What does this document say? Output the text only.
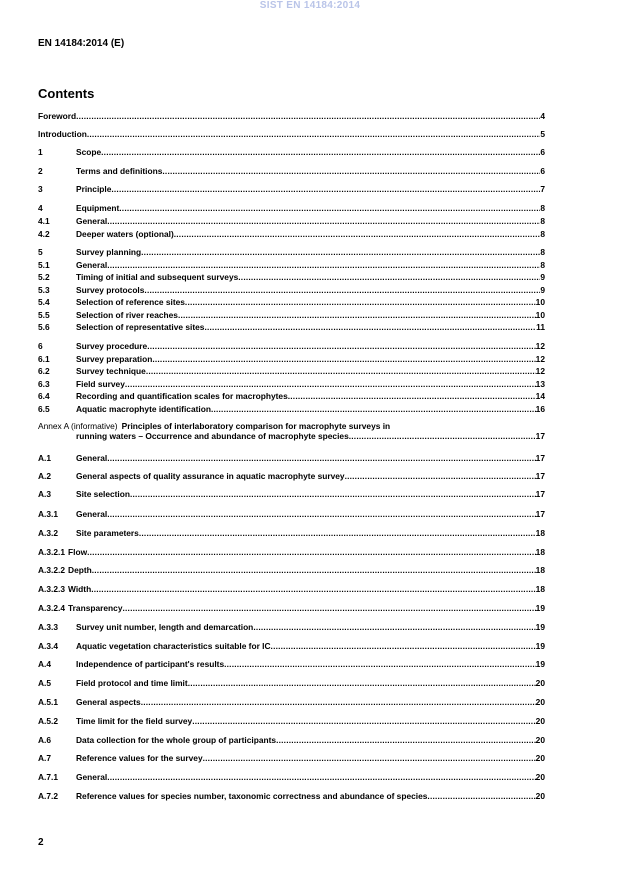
SIST EN 14184:2014
EN 14184:2014 (E)
Contents
Foreword .....	4
Introduction .....	5
1	Scope .....	6
2	Terms and definitions .....	6
3	Principle .....	7
4	Equipment .....	8
4.1	General .....	8
4.2	Deeper waters (optional) .....	8
5	Survey planning .....	8
5.1	General .....	8
5.2	Timing of initial and subsequent surveys .....	9
5.3	Survey protocols .....	9
5.4	Selection of reference sites .....	10
5.5	Selection of river reaches .....	10
5.6	Selection of representative sites .....	11
6	Survey procedure .....	12
6.1	Survey preparation .....	12
6.2	Survey technique .....	12
6.3	Field survey .....	13
6.4	Recording and quantification scales for macrophytes .....	14
6.5	Aquatic macrophyte identification .....	16
Annex A (informative) Principles of interlaboratory comparison for macrophyte surveys in
running waters – Occurrence and abundance of macrophyte species .....	17
A.1	General .....	17
A.2	General aspects of quality assurance in aquatic macrophyte survey .....	17
A.3	Site selection .....	17
A.3.1	General .....	17
A.3.2	Site parameters .....	18
A.3.2.1 Flow .....	18
A.3.2.2 Depth .....	18
A.3.2.3 Width .....	18
A.3.2.4 Transparency .....	19
A.3.3	Survey unit number, length and demarcation .....	19
A.3.4	Aquatic vegetation characteristics suitable for IC .....	19
A.4	Independence of participant's results .....	19
A.5	Field protocol and time limit .....	20
A.5.1	General aspects .....	20
A.5.2	Time limit for the field survey .....	20
A.6	Data collection for the whole group of participants .....	20
A.7	Reference values for the survey .....	20
A.7.1	General .....	20
A.7.2	Reference values for species number, taxonomic correctness and abundance of species .....	20
2
